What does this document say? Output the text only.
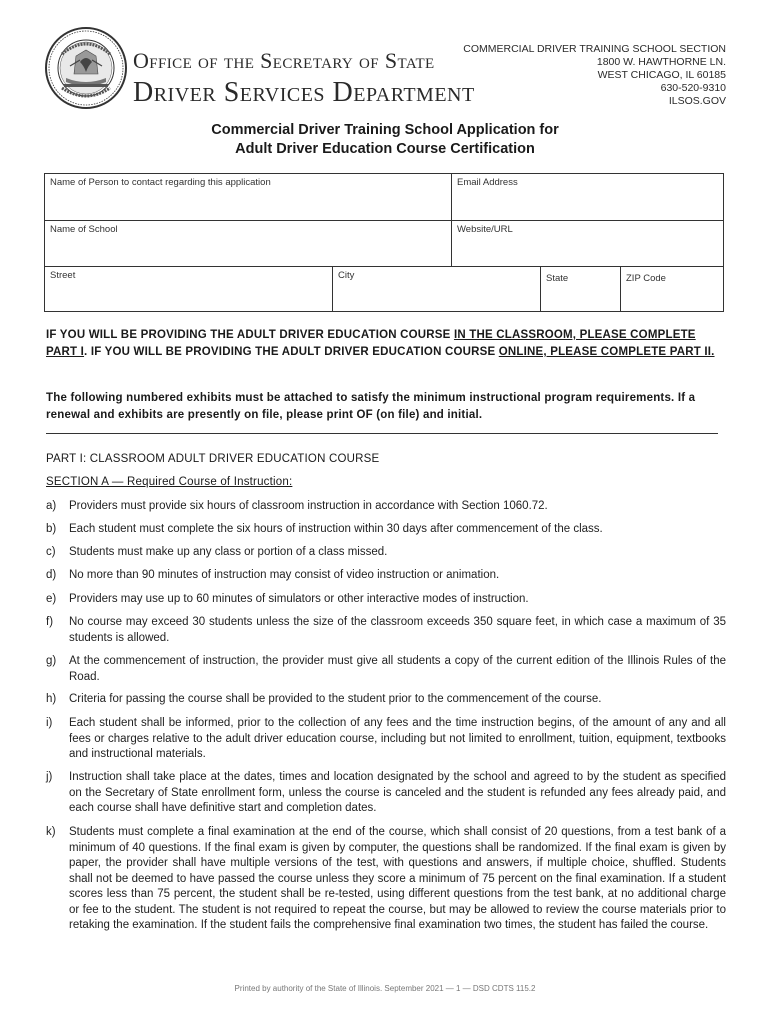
Office of the Secretary of State
Driver Services Department
COMMERCIAL DRIVER TRAINING SCHOOL SECTION
1800 W. HAWTHORNE LN.
WEST CHICAGO, IL 60185
630-520-9310
ILSOS.GOV
Commercial Driver Training School Application for
Adult Driver Education Course Certification
Name of Person to contact regarding this application	Email Address
Name of School	Website/URL
Street	City	State	ZIP Code
IF YOU WILL BE PROVIDING THE ADULT DRIVER EDUCATION COURSE IN THE CLASSROOM, PLEASE COMPLETE PART I. IF YOU WILL BE PROVIDING THE ADULT DRIVER EDUCATION COURSE ONLINE, PLEASE COMPLETE PART II.
The following numbered exhibits must be attached to satisfy the minimum instructional program requirements. If a renewal and exhibits are presently on file, please print OF (on file) and initial.
PART I: CLASSROOM ADULT DRIVER EDUCATION COURSE
SECTION A — Required Course of Instruction:
a) Providers must provide six hours of classroom instruction in accordance with Section 1060.72.
b) Each student must complete the six hours of instruction within 30 days after commencement of the class.
c) Students must make up any class or portion of a class missed.
d) No more than 90 minutes of instruction may consist of video instruction or animation.
e) Providers may use up to 60 minutes of simulators or other interactive modes of instruction.
f) No course may exceed 30 students unless the size of the classroom exceeds 350 square feet, in which case a maximum of 35 students is allowed.
g) At the commencement of instruction, the provider must give all students a copy of the current edition of the Illinois Rules of the Road.
h) Criteria for passing the course shall be provided to the student prior to the commencement of the course.
i) Each student shall be informed, prior to the collection of any fees and the time instruction begins, of the amount of any and all fees or charges relative to the adult driver education course, including but not limited to enrollment, tuition, equipment, textbooks and instructional materials.
j) Instruction shall take place at the dates, times and location designated by the school and agreed to by the student as specified on the Secretary of State enrollment form, unless the course is canceled and the student is refunded any fees already paid, and each course shall have definitive start and completion dates.
k) Students must complete a final examination at the end of the course, which shall consist of 20 questions, from a test bank of a minimum of 40 questions. If the final exam is given by computer, the questions shall be randomized. If the final exam is given by paper, the provider shall have multiple versions of the test, with questions and answers, if multiple choice, shuffled. Students shall not be deemed to have passed the course unless they score a minimum of 75 percent on the final examination. If a student scores less than 75 percent, the student shall be re-tested, using different questions from the test bank, at no additional charge or fee to the student. The student is not required to repeat the course, but may be allowed to review the course materials prior to retaking the examination. If the student fails the comprehensive final examination two times, the student has failed the course.
Printed by authority of the State of Illinois. September 2021 — 1 — DSD CDTS 115.2
